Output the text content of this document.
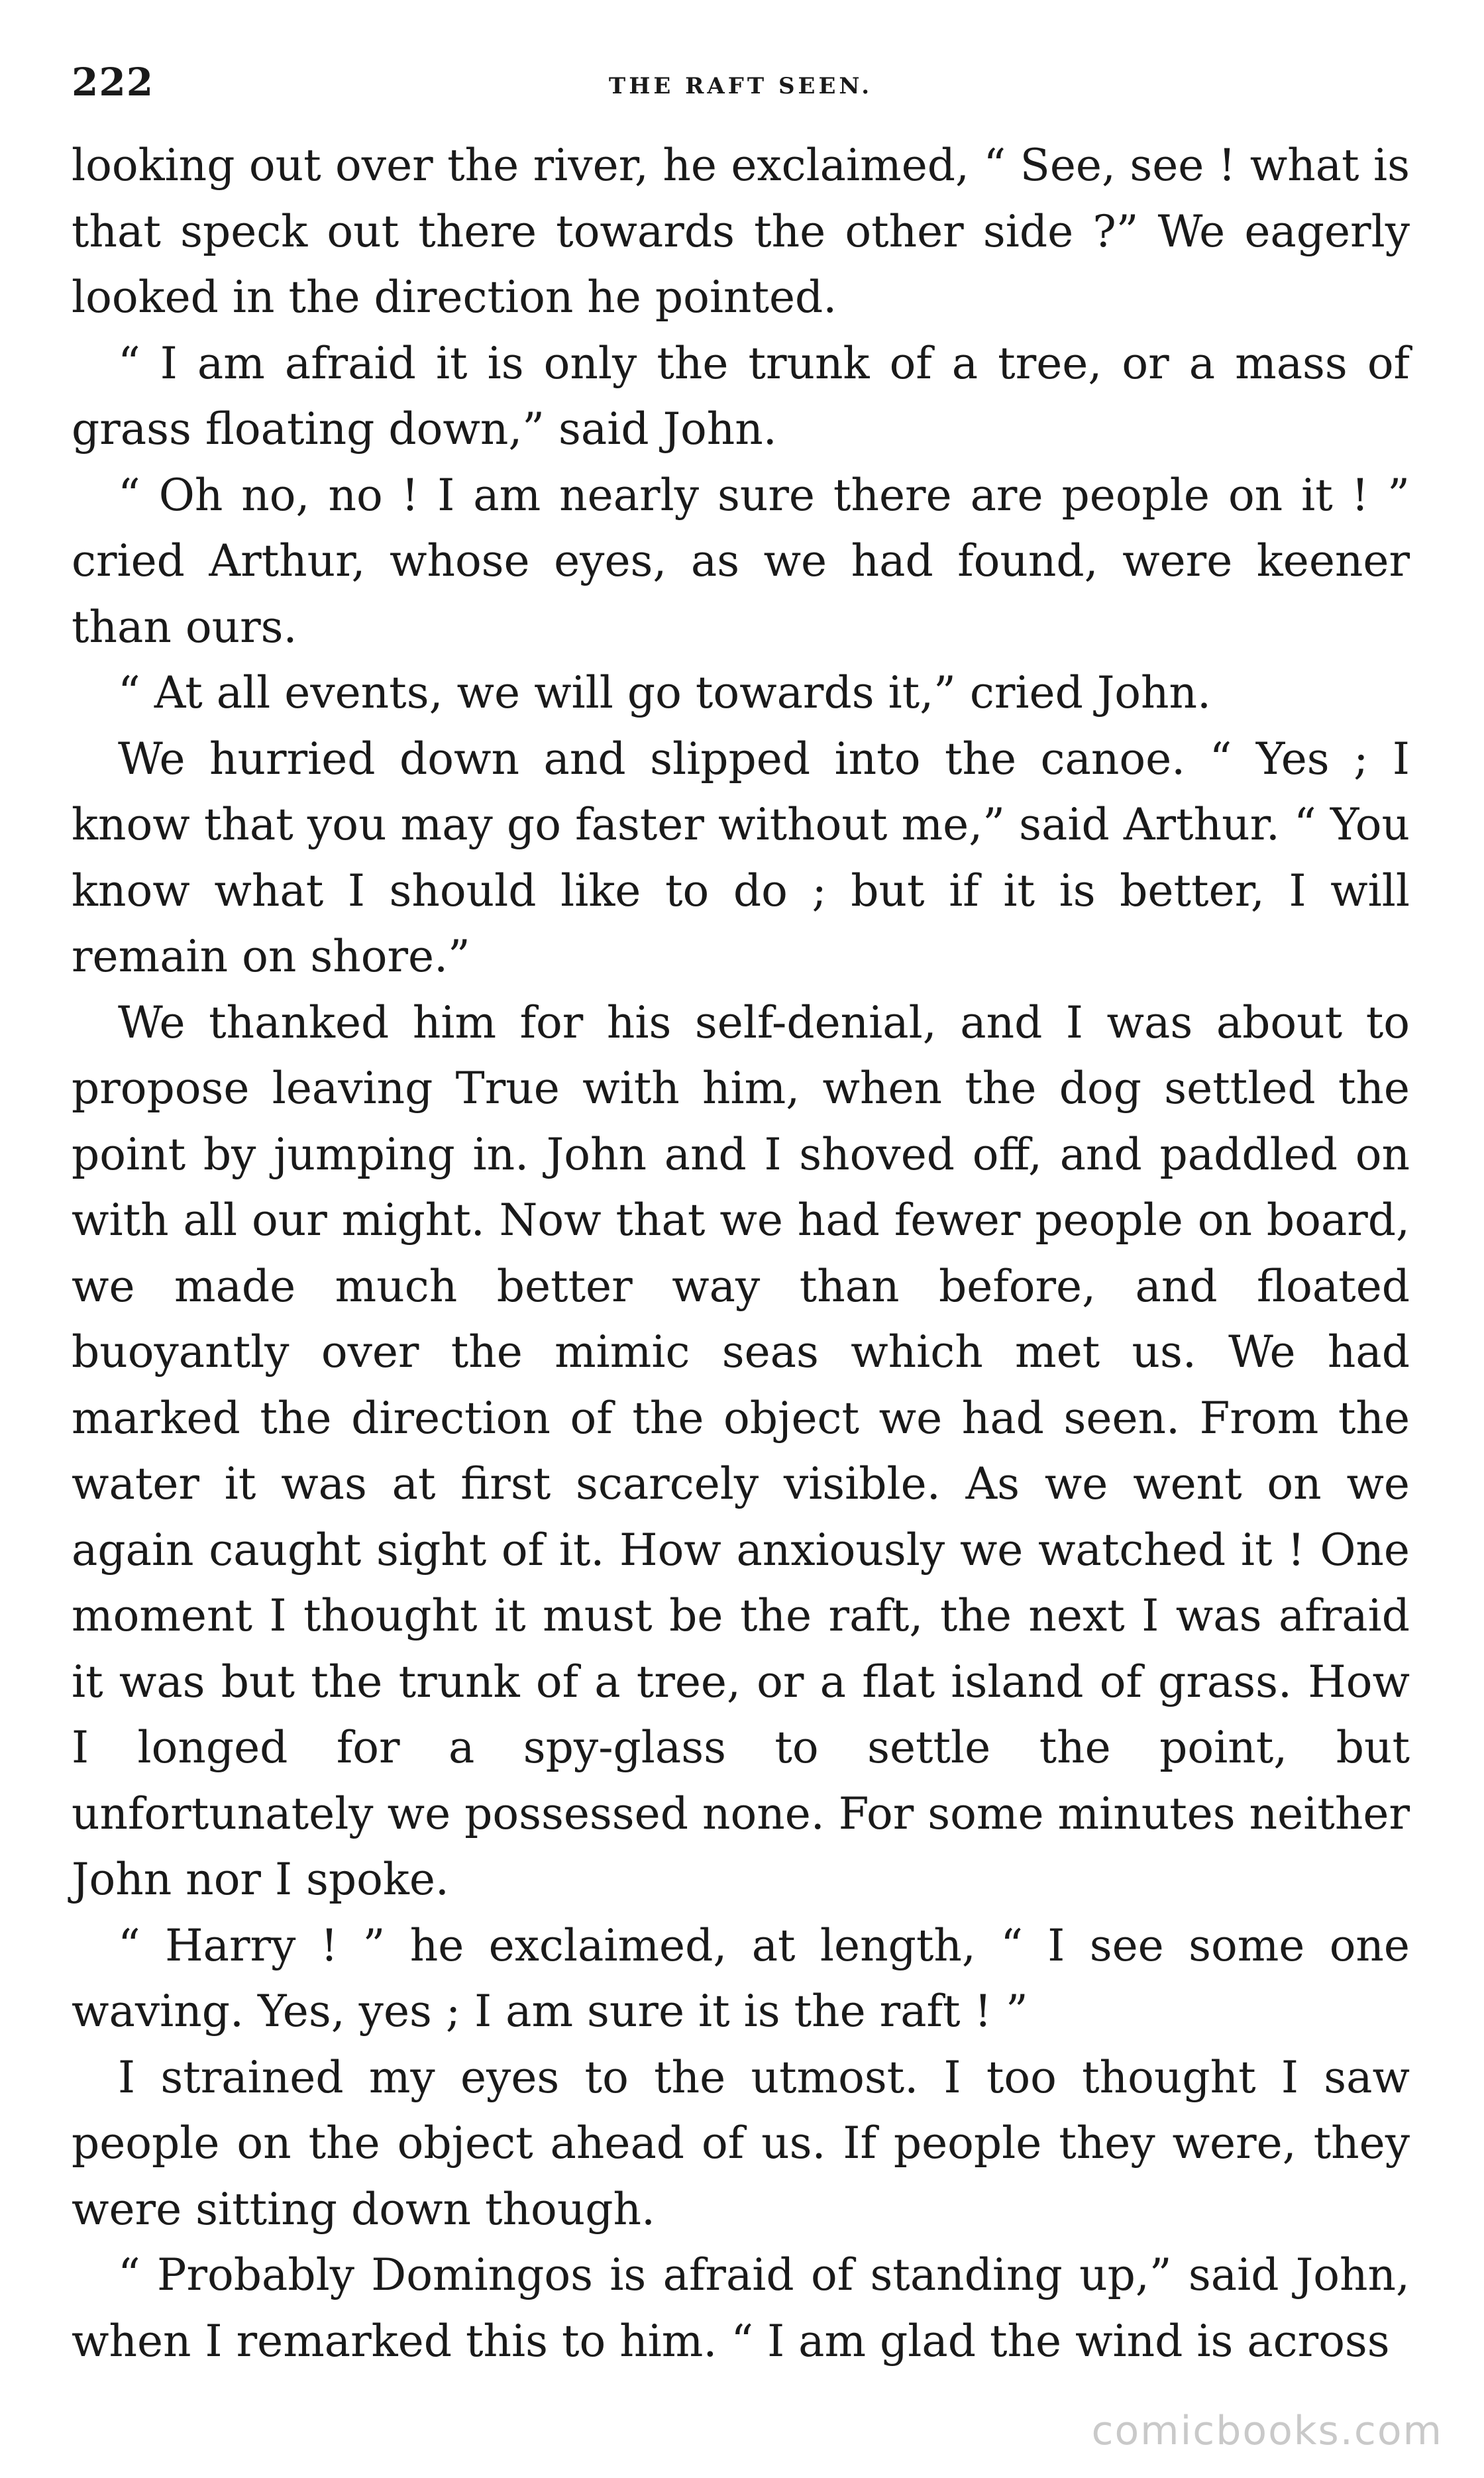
222	THE RAFT SEEN.

looking out over the river, he exclaimed, “ See, see ! what is that speck out there towards the other side ?” We eagerly looked in the direction he pointed.

“ I am afraid it is only the trunk of a tree, or a mass of grass floating down,” said John.

“ Oh no, no ! I am nearly sure there are people on it ! ” cried Arthur, whose eyes, as we had found, were keener than ours.

“ At all events, we will go towards it,” cried John.

We hurried down and slipped into the canoe. “ Yes ; I know that you may go faster without me,” said Arthur. “ You know what I should like to do ; but if it is better, I will remain on shore.”

We thanked him for his self-denial, and I was about to propose leaving True with him, when the dog settled the point by jumping in. John and I shoved off, and paddled on with all our might. Now that we had fewer people on board, we made much better way than before, and floated buoyantly over the mimic seas which met us. We had marked the direction of the object we had seen. From the water it was at first scarcely visible. As we went on we again caught sight of it. How anxiously we watched it ! One moment I thought it must be the raft, the next I was afraid it was but the trunk of a tree, or a flat island of grass. How I longed for a spy-glass to settle the point, but unfortunately we possessed none. For some minutes neither John nor I spoke.

“ Harry ! ” he exclaimed, at length, “ I see some one waving. Yes, yes ; I am sure it is the raft ! ”

I strained my eyes to the utmost. I too thought I saw people on the object ahead of us. If people they were, they were sitting down though.

“ Probably Domingos is afraid of standing up,” said John, when I remarked this to him. “ I am glad the wind is across

comicbooks.com
